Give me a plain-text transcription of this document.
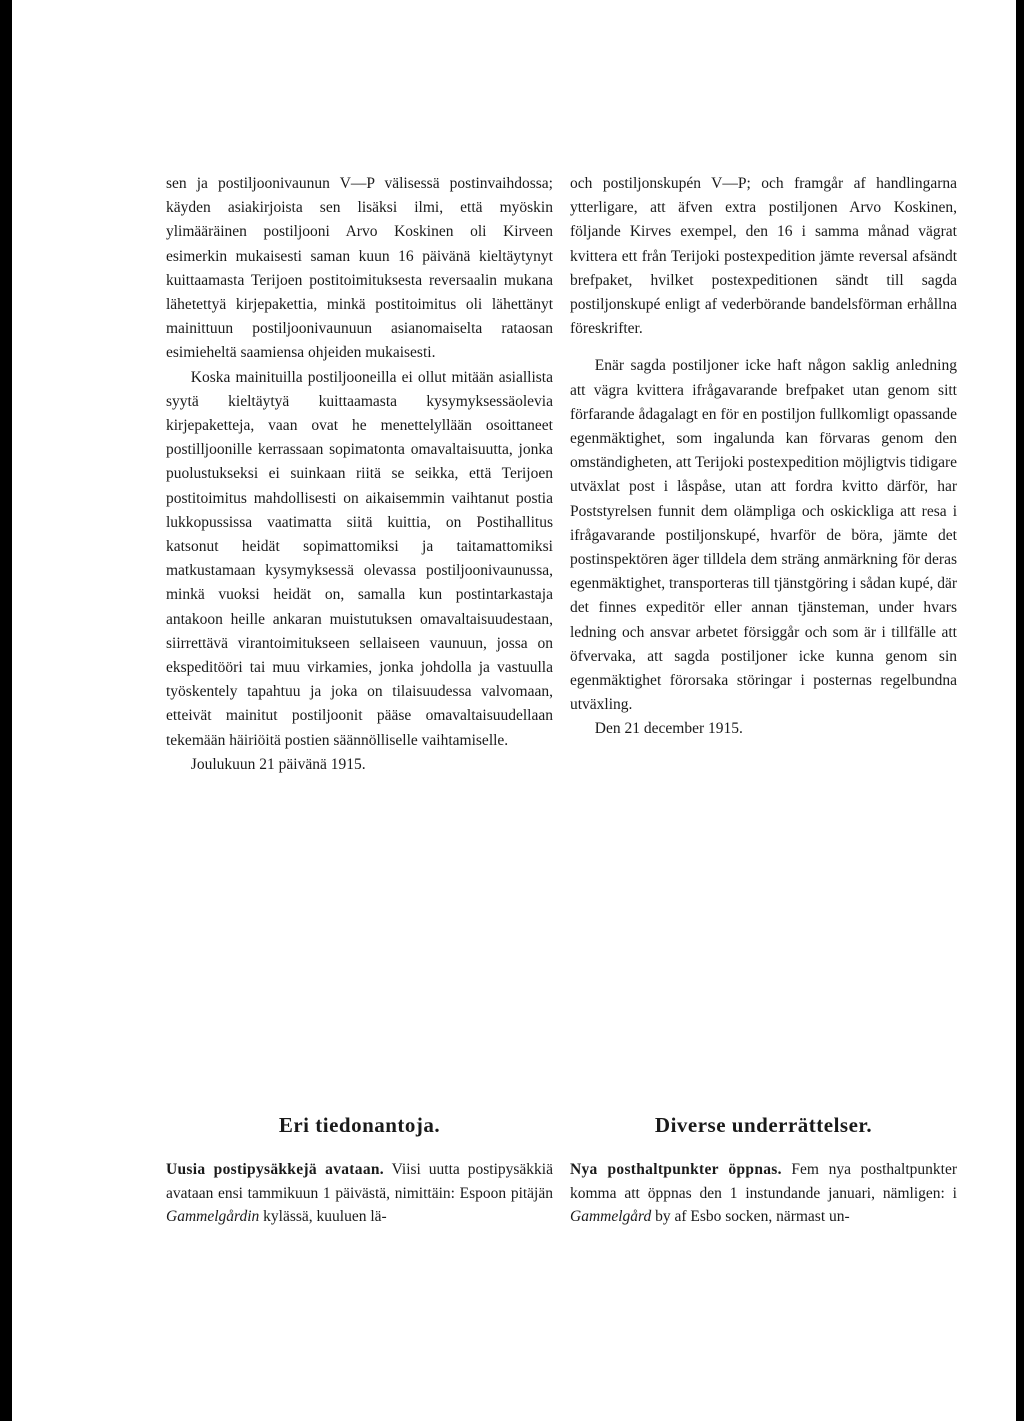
sen ja postiljoonivaunun V—P välisessä postinvaihdossa; käyden asiakirjoista sen lisäksi ilmi, että myöskin ylimääräinen postiljooni Arvo Koskinen oli Kirveen esimerkin mukaisesti saman kuun 16 päivänä kieltäytynyt kuittaamasta Terijoen postitoimituksesta reversaalin mukana lähetettyä kirjepakettia, minkä postitoimitus oli lähettänyt mainittuun postiljoonivaunuun asianomaiselta rataosan esimieheltä saamiensa ohjeiden mukaisesti.

Koska mainituilla postiljooneilla ei ollut mitään asiallista syytä kieltäytyä kuittaamasta kysymyksessäolevia kirjepaketteja, vaan ovat he menettelyllään osoittaneet postilljoonille kerrassaan sopimatonta omavaltaisuutta, jonka puolustukseksi ei suinkaan riitä se seikka, että Terijoen postitoimitus mahdollisesti on aikaisemmin vaihtanut postia lukkopussissa vaatimatta siitä kuittia, on Postihallitus katsonut heidät sopimattomiksi ja taitamattomiksi matkustamaan kysymyksessä olevassa postiljoonivaunussa, minkä vuoksi heidät on, samalla kun postintarkastaja antakoon heille ankaran muistutuksen omavaltaisuudestaan, siirrettävä virantoimitukseen sellaiseen vaunuun, jossa on ekspeditööri tai muu virkamies, jonka johdolla ja vastuulla työskentely tapahtuu ja joka on tilaisuudessa valvomaan, etteivät mainitut postiljoonit pääse omavaltaisuudellaan tekemään häiriöitä postien säännölliselle vaihtamiselle.

Joulukuun 21 päivänä 1915.

och postiljonskupén V—P; och framgår af handlingarna ytterligare, att äfven extra postiljonen Arvo Koskinen, följande Kirves exempel, den 16 i samma månad vägrat kvittera ett från Terijoki postexpedition jämte reversal afsändt brefpaket, hvilket postexpeditionen sändt till sagda postiljonskupé enligt af vederbörande bandelsförman erhållna föreskrifter.

Enär sagda postiljoner icke haft någon saklig anledning att vägra kvittera ifrågavarande brefpaket utan genom sitt förfarande ådagalagt en för en postiljon fullkomligt opassande egenmäktighet, som ingalunda kan förvaras genom den omständigheten, att Terijoki postexpedition möjligtvis tidigare utväxlat post i låspåse, utan att fordra kvitto därför, har Poststyrelsen funnit dem olämpliga och oskickliga att resa i ifrågavarande postiljonskupé, hvarför de böra, jämte det postinspektören äger tilldela dem sträng anmärkning för deras egenmäktighet, transporteras till tjänstgöring i sådan kupé, där det finnes expeditör eller annan tjänsteman, under hvars ledning och ansvar arbetet försiggår och som är i tillfälle att öfvervaka, att sagda postiljoner icke kunna genom sin egenmäktighet förorsaka störingar i posternas regelbundna utväxling.

Den 21 december 1915.

Eri tiedonantoja.	Diverse underrättelser.
Uusia postipysäkkejä avataan. Viisi uutta postipysäkkiä avataan ensi tammikuun 1 päivästä, nimittäin: Espoon pitäjän Gammelgårdin kylässä, kuuluen lä-
Nya posthaltpunkter öppnas. Fem nya posthaltpunkter komma att öppnas den 1 instundande januari, nämligen: i Gammelgård by af Esbo socken, närmast un-
